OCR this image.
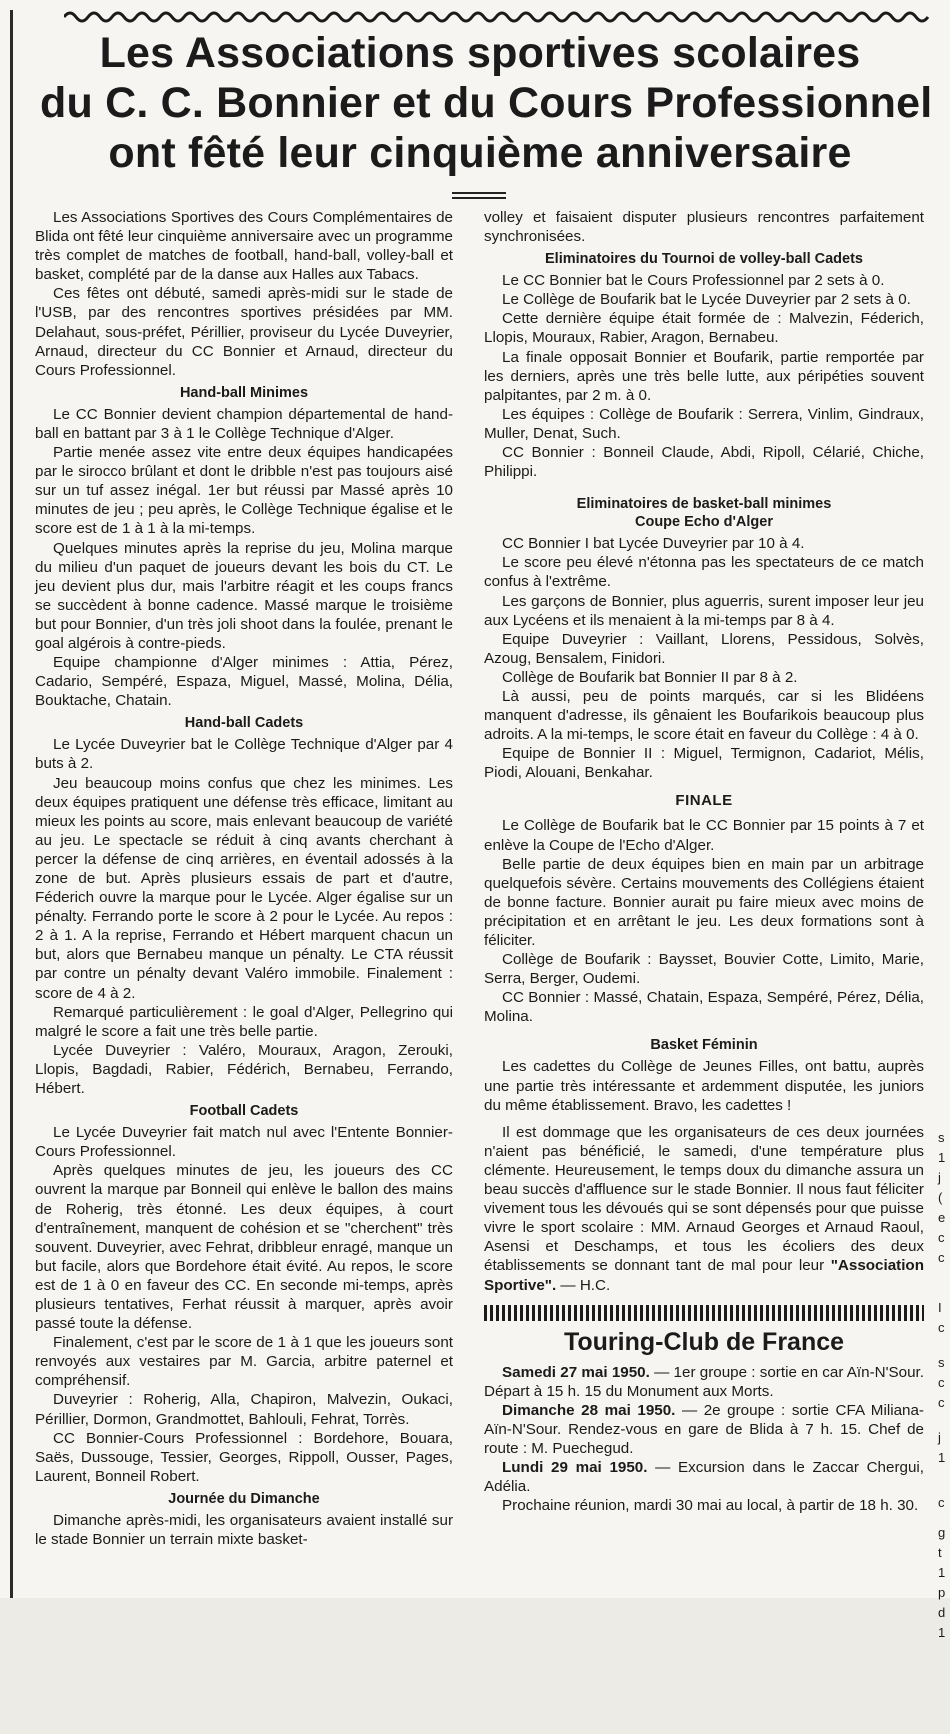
Les Associations sportives scolaires
du C. C. Bonnier et du Cours Professionnel
ont fêté leur cinquième anniversaire

Les Associations Sportives des Cours Complémentaires de Blida ont fêté leur cinquième anniversaire avec un programme très complet de matches de football, hand-ball, volley-ball et basket, complété par de la danse aux Halles aux Tabacs.

Ces fêtes ont débuté, samedi après-midi sur le stade de l'USB, par des rencontres sportives présidées par MM. Delahaut, sous-préfet, Périllier, proviseur du Lycée Duveyrier, Arnaud, directeur du CC Bonnier et Arnaud, directeur du Cours Professionnel.

Hand-ball Minimes

Le CC Bonnier devient champion départemental de hand-ball en battant par 3 à 1 le Collège Technique d'Alger.

Partie menée assez vite entre deux équipes handicapées par le sirocco brûlant et dont le dribble n'est pas toujours aisé sur un tuf assez inégal. 1er but réussi par Massé après 10 minutes de jeu ; peu après, le Collège Technique égalise et le score est de 1 à 1 à la mi-temps.

Quelques minutes après la reprise du jeu, Molina marque du milieu d'un paquet de joueurs devant les bois du CT. Le jeu devient plus dur, mais l'arbitre réagit et les coups francs se succèdent à bonne cadence. Massé marque le troisième but pour Bonnier, d'un très joli shoot dans la foulée, prenant le goal algérois à contre-pieds.

Equipe championne d'Alger minimes : Attia, Pérez, Cadario, Sempéré, Espaza, Miguel, Massé, Molina, Délia, Bouktache, Chatain.

Hand-ball Cadets

Le Lycée Duveyrier bat le Collège Technique d'Alger par 4 buts à 2.

Jeu beaucoup moins confus que chez les minimes. Les deux équipes pratiquent une défense très efficace, limitant au mieux les points au score, mais enlevant beaucoup de variété au jeu. Le spectacle se réduit à cinq avants cherchant à percer la défense de cinq arrières, en éventail adossés à la zone de but. Après plusieurs essais de part et d'autre, Féderich ouvre la marque pour le Lycée. Alger égalise sur un pénalty. Ferrando porte le score à 2 pour le Lycée. Au repos : 2 à 1. A la reprise, Ferrando et Hébert marquent chacun un but, alors que Bernabeu manque un pénalty. Le CTA réussit par contre un pénalty devant Valéro immobile. Finalement : score de 4 à 2.

Remarqué particulièrement : le goal d'Alger, Pellegrino qui malgré le score a fait une très belle partie.

Lycée Duveyrier : Valéro, Mouraux, Aragon, Zerouki, Llopis, Bagdadi, Rabier, Fédérich, Bernabeu, Ferrando, Hébert.

Football Cadets

Le Lycée Duveyrier fait match nul avec l'Entente Bonnier-Cours Professionnel.

Après quelques minutes de jeu, les joueurs des CC ouvrent la marque par Bonneil qui enlève le ballon des mains de Roherig, très étonné. Les deux équipes, à court d'entraînement, manquent de cohésion et se "cherchent" très souvent. Duveyrier, avec Fehrat, dribbleur enragé, manque un but facile, alors que Bordehore était évité. Au repos, le score est de 1 à 0 en faveur des CC. En seconde mi-temps, après plusieurs tentatives, Ferhat réussit à marquer, après avoir passé toute la défense.

Finalement, c'est par le score de 1 à 1 que les joueurs sont renvoyés aux vestaires par M. Garcia, arbitre paternel et compréhensif.

Duveyrier : Roherig, Alla, Chapiron, Malvezin, Oukaci, Périllier, Dormon, Grandmottet, Bahlouli, Fehrat, Torrès.

CC Bonnier-Cours Professionnel : Bordehore, Bouara, Saës, Dussouge, Tessier, Georges, Rippoll, Ousser, Pages, Laurent, Bonneil Robert.

Journée du Dimanche

Dimanche après-midi, les organisateurs avaient installé sur le stade Bonnier un terrain mixte basket-

volley et faisaient disputer plusieurs rencontres parfaitement synchronisées.

Eliminatoires du Tournoi de volley-ball Cadets

Le CC Bonnier bat le Cours Professionnel par 2 sets à 0.

Le Collège de Boufarik bat le Lycée Duveyrier par 2 sets à 0.

Cette dernière équipe était formée de : Malvezin, Féderich, Llopis, Mouraux, Rabier, Aragon, Bernabeu.

La finale opposait Bonnier et Boufarik, partie remportée par les derniers, après une très belle lutte, aux péripéties souvent palpitantes, par 2 m. à 0.

Les équipes : Collège de Boufarik : Serrera, Vinlim, Gindraux, Muller, Denat, Such.

CC Bonnier : Bonneil Claude, Abdi, Ripoll, Célarié, Chiche, Philippi.

Eliminatoires de basket-ball minimes
Coupe Echo d'Alger

CC Bonnier I bat Lycée Duveyrier par 10 à 4.

Le score peu élevé n'étonna pas les spectateurs de ce match confus à l'extrême.

Les garçons de Bonnier, plus aguerris, surent imposer leur jeu aux Lycéens et ils menaient à la mi-temps par 8 à 4.

Equipe Duveyrier : Vaillant, Llorens, Pessidous, Solvès, Azoug, Bensalem, Finidori.

Collège de Boufarik bat Bonnier II par 8 à 2.

Là aussi, peu de points marqués, car si les Blidéens manquent d'adresse, ils gênaient les Boufarikois beaucoup plus adroits. A la mi-temps, le score était en faveur du Collège : 4 à 0.

Equipe de Bonnier II : Miguel, Termignon, Cadariot, Mélis, Piodi, Alouani, Benkahar.

FINALE

Le Collège de Boufarik bat le CC Bonnier par 15 points à 7 et enlève la Coupe de l'Echo d'Alger.

Belle partie de deux équipes bien en main par un arbitrage quelquefois sévère. Certains mouvements des Collégiens étaient de bonne facture. Bonnier aurait pu faire mieux avec moins de précipitation et en arrêtant le jeu. Les deux formations sont à féliciter.

Collège de Boufarik : Baysset, Bouvier Cotte, Limito, Marie, Serra, Berger, Oudemi.

CC Bonnier : Massé, Chatain, Espaza, Sempéré, Pérez, Délia, Molina.

Basket Féminin

Les cadettes du Collège de Jeunes Filles, ont battu, auprès une partie très intéressante et ardemment disputée, les juniors du même établissement. Bravo, les cadettes !

Il est dommage que les organisateurs de ces deux journées n'aient pas bénéficié, le samedi, d'une température plus clémente. Heureusement, le temps doux du dimanche assura un beau succès d'affluence sur le stade Bonnier. Il nous faut féliciter vivement tous les dévoués qui se sont dépensés pour que puisse vivre le sport scolaire : MM. Arnaud Georges et Arnaud Raoul, Asensi et Deschamps, et tous les écoliers des deux établissements se donnant tant de mal pour leur "Association Sportive". — H.C.

Touring-Club de France

Samedi 27 mai 1950. — 1er groupe : sortie en car Aïn-N'Sour. Départ à 15 h. 15 du Monument aux Morts.

Dimanche 28 mai 1950. — 2e groupe : sortie CFA Miliana-Aïn-N'Sour. Rendez-vous en gare de Blida à 7 h. 15. Chef de route : M. Puechegud.

Lundi 29 mai 1950. — Excursion dans le Zaccar Chergui, Adélia.

Prochaine réunion, mardi 30 mai au local, à partir de 18 h. 30.

s
1
j
(
e
c
c
I
c
s
c
c
j
1
c
g
t
1
p
d
1
